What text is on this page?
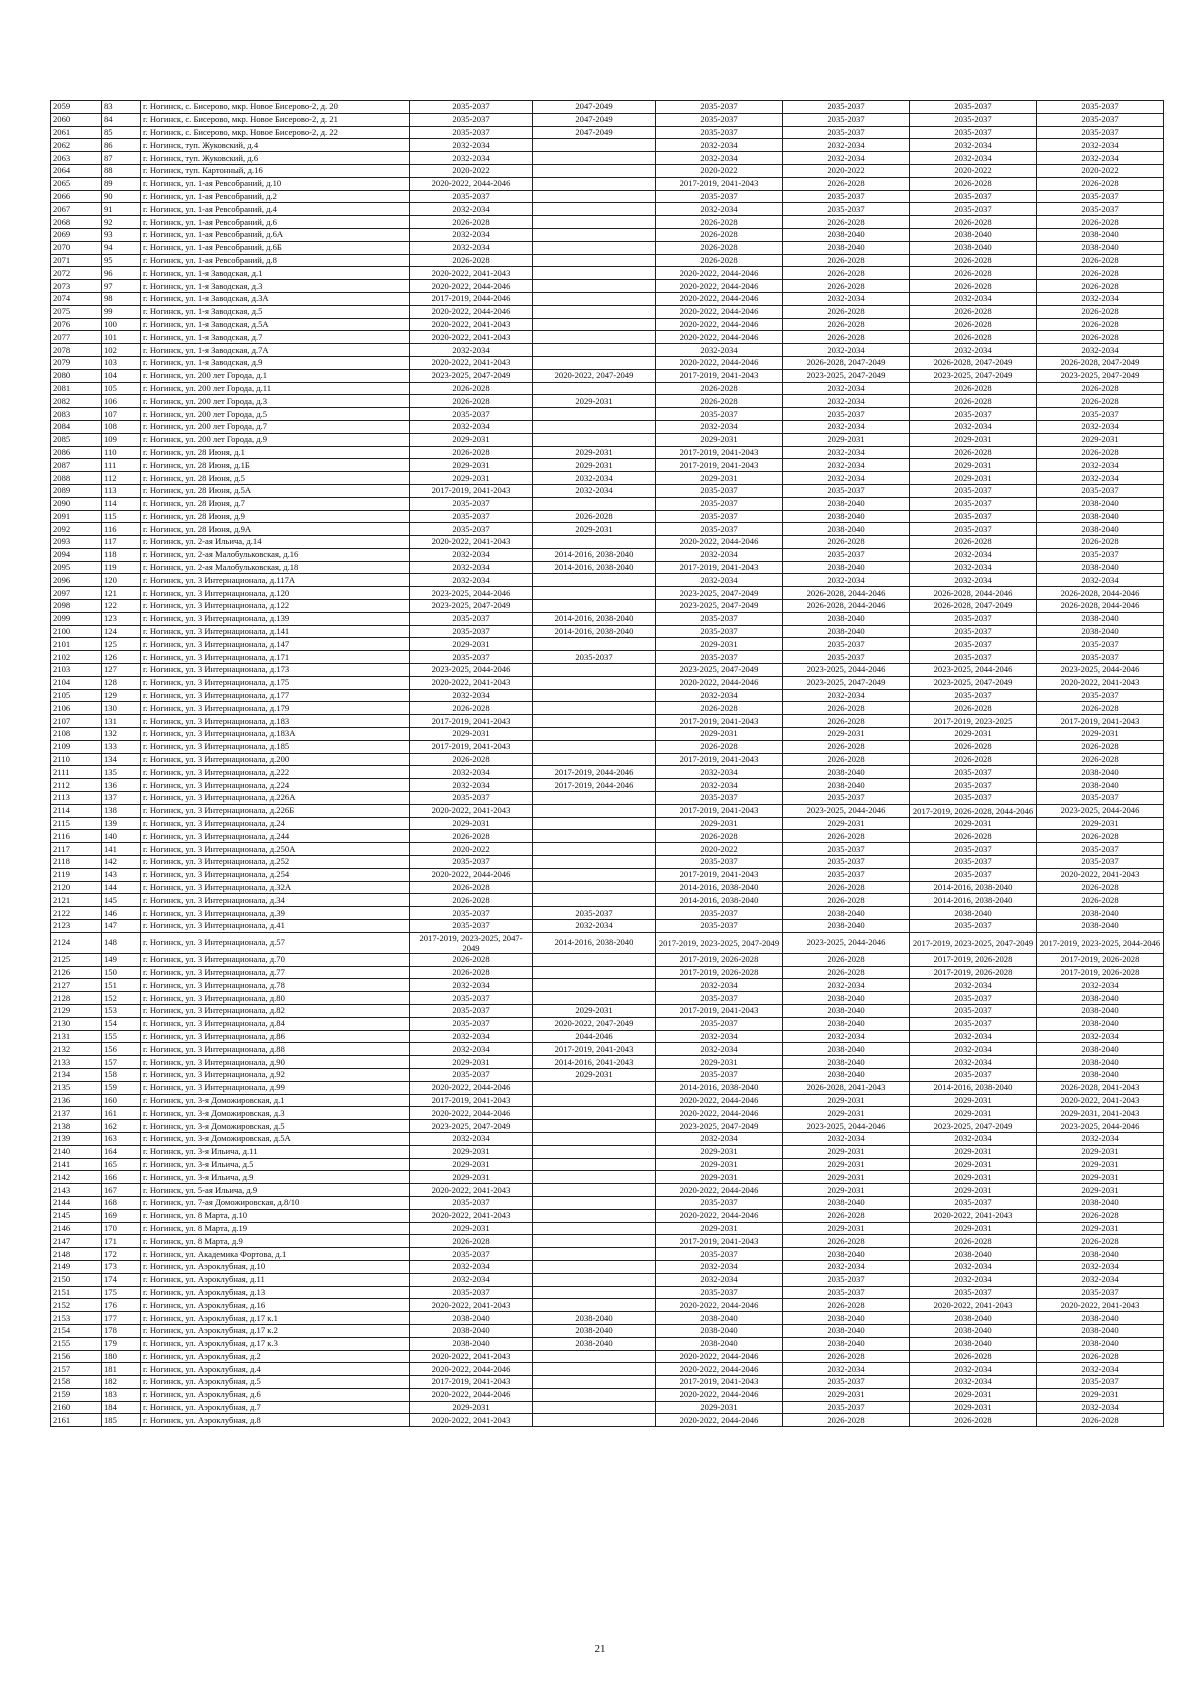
2059	83	г. Ногинск, с. Бисерово, мкр. Новое Бисерово-2, д. 20	2035-2037	2047-2049	2035-2037	2035-2037	2035-2037	2035-2037
2060	84	г. Ногинск, с. Бисерово, мкр. Новое Бисерово-2, д. 21	2035-2037	2047-2049	2035-2037	2035-2037	2035-2037	2035-2037
2061	85	г. Ногинск, с. Бисерово, мкр. Новое Бисерово-2, д. 22	2035-2037	2047-2049	2035-2037	2035-2037	2035-2037	2035-2037
2062	86	г. Ногинск, туп. Жуковский, д.4	2032-2034		2032-2034	2032-2034	2032-2034	2032-2034
2063	87	г. Ногинск, туп. Жуковский, д.6	2032-2034		2032-2034	2032-2034	2032-2034	2032-2034
2064	88	г. Ногинск, туп. Картонный, д.16	2020-2022		2020-2022	2020-2022	2020-2022	2020-2022
2065	89	г. Ногинск, ул. 1-ая Ревсобраний, д.10	2020-2022, 2044-2046		2017-2019, 2041-2043	2026-2028	2026-2028	2026-2028
2066	90	г. Ногинск, ул. 1-ая Ревсобраний, д.2	2035-2037		2035-2037	2035-2037	2035-2037	2035-2037
2067	91	г. Ногинск, ул. 1-ая Ревсобраний, д.4	2032-2034		2032-2034	2035-2037	2035-2037	2035-2037
2068	92	г. Ногинск, ул. 1-ая Ревсобраний, д.6	2026-2028		2026-2028	2026-2028	2026-2028	2026-2028
2069	93	г. Ногинск, ул. 1-ая Ревсобраний, д.6А	2032-2034		2026-2028	2038-2040	2038-2040	2038-2040
2070	94	г. Ногинск, ул. 1-ая Ревсобраний, д.6Б	2032-2034		2026-2028	2038-2040	2038-2040	2038-2040
2071	95	г. Ногинск, ул. 1-ая Ревсобраний, д.8	2026-2028		2026-2028	2026-2028	2026-2028	2026-2028
2072	96	г. Ногинск, ул. 1-я Заводская, д.1	2020-2022, 2041-2043		2020-2022, 2044-2046	2026-2028	2026-2028	2026-2028
2073	97	г. Ногинск, ул. 1-я Заводская, д.3	2020-2022, 2044-2046		2020-2022, 2044-2046	2026-2028	2026-2028	2026-2028
2074	98	г. Ногинск, ул. 1-я Заводская, д.3А	2017-2019, 2044-2046		2020-2022, 2044-2046	2032-2034	2032-2034	2032-2034
2075	99	г. Ногинск, ул. 1-я Заводская, д.5	2020-2022, 2044-2046		2020-2022, 2044-2046	2026-2028	2026-2028	2026-2028
2076	100	г. Ногинск, ул. 1-я Заводская, д.5А	2020-2022, 2041-2043		2020-2022, 2044-2046	2026-2028	2026-2028	2026-2028
2077	101	г. Ногинск, ул. 1-я Заводская, д.7	2020-2022, 2041-2043		2020-2022, 2044-2046	2026-2028	2026-2028	2026-2028
2078	102	г. Ногинск, ул. 1-я Заводская, д.7А	2032-2034		2032-2034	2032-2034	2032-2034	2032-2034
2079	103	г. Ногинск, ул. 1-я Заводская, д.9	2020-2022, 2041-2043		2020-2022, 2044-2046	2026-2028, 2047-2049	2026-2028, 2047-2049	2026-2028, 2047-2049
2080	104	г. Ногинск, ул. 200 лет Города, д.1	2023-2025, 2047-2049	2020-2022, 2047-2049	2017-2019, 2041-2043	2023-2025, 2047-2049	2023-2025, 2047-2049	2023-2025, 2047-2049
2081	105	г. Ногинск, ул. 200 лет Города, д.11	2026-2028		2026-2028	2032-2034	2026-2028	2026-2028
2082	106	г. Ногинск, ул. 200 лет Города, д.3	2026-2028	2029-2031	2026-2028	2032-2034	2026-2028	2026-2028
2083	107	г. Ногинск, ул. 200 лет Города, д.5	2035-2037		2035-2037	2035-2037	2035-2037	2035-2037
2084	108	г. Ногинск, ул. 200 лет Города, д.7	2032-2034		2032-2034	2032-2034	2032-2034	2032-2034
2085	109	г. Ногинск, ул. 200 лет Города, д.9	2029-2031		2029-2031	2029-2031	2029-2031	2029-2031
2086	110	г. Ногинск, ул. 28 Июня, д.1	2026-2028	2029-2031	2017-2019, 2041-2043	2032-2034	2026-2028	2026-2028
2087	111	г. Ногинск, ул. 28 Июня, д.1Б	2029-2031	2029-2031	2017-2019, 2041-2043	2032-2034	2029-2031	2032-2034
2088	112	г. Ногинск, ул. 28 Июня, д.5	2029-2031	2032-2034	2029-2031	2032-2034	2029-2031	2032-2034
2089	113	г. Ногинск, ул. 28 Июня, д.5А	2017-2019, 2041-2043	2032-2034	2035-2037	2035-2037	2035-2037	2035-2037
2090	114	г. Ногинск, ул. 28 Июня, д.7	2035-2037		2035-2037	2038-2040	2035-2037	2038-2040
2091	115	г. Ногинск, ул. 28 Июня, д.9	2035-2037	2026-2028	2035-2037	2038-2040	2035-2037	2038-2040
2092	116	г. Ногинск, ул. 28 Июня, д.9А	2035-2037	2029-2031	2035-2037	2038-2040	2035-2037	2038-2040
2093	117	г. Ногинск, ул. 2-ая Ильича, д.14	2020-2022, 2041-2043		2020-2022, 2044-2046	2026-2028	2026-2028	2026-2028
2094	118	г. Ногинск, ул. 2-ая Малобульковская, д.16	2032-2034	2014-2016, 2038-2040	2032-2034	2035-2037	2032-2034	2035-2037
2095	119	г. Ногинск, ул. 2-ая Малобульковская, д.18	2032-2034	2014-2016, 2038-2040	2017-2019, 2041-2043	2038-2040	2032-2034	2038-2040
2096	120	г. Ногинск, ул. 3 Интернационала, д.117А	2032-2034		2032-2034	2032-2034	2032-2034	2032-2034
2097	121	г. Ногинск, ул. 3 Интернационала, д.120	2023-2025, 2044-2046		2023-2025, 2047-2049	2026-2028, 2044-2046	2026-2028, 2044-2046	2026-2028, 2044-2046
2098	122	г. Ногинск, ул. 3 Интернационала, д.122	2023-2025, 2047-2049		2023-2025, 2047-2049	2026-2028, 2044-2046	2026-2028, 2047-2049	2026-2028, 2044-2046
2099	123	г. Ногинск, ул. 3 Интернационала, д.139	2035-2037	2014-2016, 2038-2040	2035-2037	2038-2040	2035-2037	2038-2040
2100	124	г. Ногинск, ул. 3 Интернационала, д.141	2035-2037	2014-2016, 2038-2040	2035-2037	2038-2040	2035-2037	2038-2040
2101	125	г. Ногинск, ул. 3 Интернационала, д.147	2029-2031		2029-2031	2035-2037	2035-2037	2035-2037
2102	126	г. Ногинск, ул. 3 Интернационала, д.171	2035-2037	2035-2037	2035-2037	2035-2037	2035-2037	2035-2037
2103	127	г. Ногинск, ул. 3 Интернационала, д.173	2023-2025, 2044-2046		2023-2025, 2047-2049	2023-2025, 2044-2046	2023-2025, 2044-2046	2023-2025, 2044-2046
2104	128	г. Ногинск, ул. 3 Интернационала, д.175	2020-2022, 2041-2043		2020-2022, 2044-2046	2023-2025, 2047-2049	2023-2025, 2047-2049	2020-2022, 2041-2043
2105	129	г. Ногинск, ул. 3 Интернационала, д.177	2032-2034		2032-2034	2032-2034	2035-2037	2035-2037
2106	130	г. Ногинск, ул. 3 Интернационала, д.179	2026-2028		2026-2028	2026-2028	2026-2028	2026-2028
2107	131	г. Ногинск, ул. 3 Интернационала, д.183	2017-2019, 2041-2043		2017-2019, 2041-2043	2026-2028	2017-2019, 2023-2025	2017-2019, 2041-2043
2108	132	г. Ногинск, ул. 3 Интернационала, д.183А	2029-2031		2029-2031	2029-2031	2029-2031	2029-2031
2109	133	г. Ногинск, ул. 3 Интернационала, д.185	2017-2019, 2041-2043		2026-2028	2026-2028	2026-2028	2026-2028
2110	134	г. Ногинск, ул. 3 Интернационала, д.200	2026-2028		2017-2019, 2041-2043	2026-2028	2026-2028	2026-2028
2111	135	г. Ногинск, ул. 3 Интернационала, д.222	2032-2034	2017-2019, 2044-2046	2032-2034	2038-2040	2035-2037	2038-2040
2112	136	г. Ногинск, ул. 3 Интернационала, д.224	2032-2034	2017-2019, 2044-2046	2032-2034	2038-2040	2035-2037	2038-2040
2113	137	г. Ногинск, ул. 3 Интернационала, д.226А	2035-2037		2035-2037	2035-2037	2035-2037	2035-2037
2114	138	г. Ногинск, ул. 3 Интернационала, д.226Б	2020-2022, 2041-2043		2017-2019, 2041-2043	2023-2025, 2044-2046	2017-2019, 2026-2028, 2044-2046	2023-2025, 2044-2046
2115	139	г. Ногинск, ул. 3 Интернационала, д.24	2029-2031		2029-2031	2029-2031	2029-2031	2029-2031
2116	140	г. Ногинск, ул. 3 Интернационала, д.244	2026-2028		2026-2028	2026-2028	2026-2028	2026-2028
2117	141	г. Ногинск, ул. 3 Интернационала, д.250А	2020-2022		2020-2022	2035-2037	2035-2037	2035-2037
2118	142	г. Ногинск, ул. 3 Интернационала, д.252	2035-2037		2035-2037	2035-2037	2035-2037	2035-2037
2119	143	г. Ногинск, ул. 3 Интернационала, д.254	2020-2022, 2044-2046		2017-2019, 2041-2043	2035-2037	2035-2037	2020-2022, 2041-2043
2120	144	г. Ногинск, ул. 3 Интернационала, д.32А	2026-2028		2014-2016, 2038-2040	2026-2028	2014-2016, 2038-2040	2026-2028
2121	145	г. Ногинск, ул. 3 Интернационала, д.34	2026-2028		2014-2016, 2038-2040	2026-2028	2014-2016, 2038-2040	2026-2028
2122	146	г. Ногинск, ул. 3 Интернационала, д.39	2035-2037	2035-2037	2035-2037	2038-2040	2038-2040	2038-2040
2123	147	г. Ногинск, ул. 3 Интернационала, д.41	2035-2037	2032-2034	2035-2037	2038-2040	2035-2037	2038-2040
2124	148	г. Ногинск, ул. 3 Интернационала, д.57	2017-2019, 2023-2025, 2047-2049	2014-2016, 2038-2040	2017-2019, 2023-2025, 2047-2049	2023-2025, 2044-2046	2017-2019, 2023-2025, 2047-2049	2017-2019, 2023-2025, 2044-2046
2125	149	г. Ногинск, ул. 3 Интернационала, д.70	2026-2028		2017-2019, 2026-2028	2026-2028	2017-2019, 2026-2028	2017-2019, 2026-2028
2126	150	г. Ногинск, ул. 3 Интернационала, д.77	2026-2028		2017-2019, 2026-2028	2026-2028	2017-2019, 2026-2028	2017-2019, 2026-2028
2127	151	г. Ногинск, ул. 3 Интернационала, д.78	2032-2034		2032-2034	2032-2034	2032-2034	2032-2034
2128	152	г. Ногинск, ул. 3 Интернационала, д.80	2035-2037		2035-2037	2038-2040	2035-2037	2038-2040
2129	153	г. Ногинск, ул. 3 Интернационала, д.82	2035-2037	2029-2031	2017-2019, 2041-2043	2038-2040	2035-2037	2038-2040
2130	154	г. Ногинск, ул. 3 Интернационала, д.84	2035-2037	2020-2022, 2047-2049	2035-2037	2038-2040	2035-2037	2038-2040
2131	155	г. Ногинск, ул. 3 Интернационала, д.86	2032-2034	2044-2046	2032-2034	2032-2034	2032-2034	2032-2034
2132	156	г. Ногинск, ул. 3 Интернационала, д.88	2032-2034	2017-2019, 2041-2043	2032-2034	2038-2040	2032-2034	2038-2040
2133	157	г. Ногинск, ул. 3 Интернационала, д.90	2029-2031	2014-2016, 2041-2043	2029-2031	2038-2040	2032-2034	2038-2040
2134	158	г. Ногинск, ул. 3 Интернационала, д.92	2035-2037	2029-2031	2035-2037	2038-2040	2035-2037	2038-2040
2135	159	г. Ногинск, ул. 3 Интернационала, д.99	2020-2022, 2044-2046		2014-2016, 2038-2040	2026-2028, 2041-2043	2014-2016, 2038-2040	2026-2028, 2041-2043
2136	160	г. Ногинск, ул. 3-я Доможировская, д.1	2017-2019, 2041-2043		2020-2022, 2044-2046	2029-2031	2029-2031	2020-2022, 2041-2043
2137	161	г. Ногинск, ул. 3-я Доможировская, д.3	2020-2022, 2044-2046		2020-2022, 2044-2046	2029-2031	2029-2031	2029-2031, 2041-2043
2138	162	г. Ногинск, ул. 3-я Доможировская, д.5	2023-2025, 2047-2049		2023-2025, 2047-2049	2023-2025, 2044-2046	2023-2025, 2047-2049	2023-2025, 2044-2046
2139	163	г. Ногинск, ул. 3-я Доможировская, д.5А	2032-2034		2032-2034	2032-2034	2032-2034	2032-2034
2140	164	г. Ногинск, ул. 3-я Ильича, д.11	2029-2031		2029-2031	2029-2031	2029-2031	2029-2031
2141	165	г. Ногинск, ул. 3-я Ильича, д.5	2029-2031		2029-2031	2029-2031	2029-2031	2029-2031
2142	166	г. Ногинск, ул. 3-я Ильича, д.9	2029-2031		2029-2031	2029-2031	2029-2031	2029-2031
2143	167	г. Ногинск, ул. 5-ая Ильича, д.9	2020-2022, 2041-2043		2020-2022, 2044-2046	2029-2031	2029-2031	2029-2031
2144	168	г. Ногинск, ул. 7-ая Доможировская, д.8/10	2035-2037		2035-2037	2038-2040	2035-2037	2038-2040
2145	169	г. Ногинск, ул. 8 Марта, д.10	2020-2022, 2041-2043		2020-2022, 2044-2046	2026-2028	2020-2022, 2041-2043	2026-2028
2146	170	г. Ногинск, ул. 8 Марта, д.19	2029-2031		2029-2031	2029-2031	2029-2031	2029-2031
2147	171	г. Ногинск, ул. 8 Марта, д.9	2026-2028		2017-2019, 2041-2043	2026-2028	2026-2028	2026-2028
2148	172	г. Ногинск, ул. Академика Фортова, д.1	2035-2037		2035-2037	2038-2040	2038-2040	2038-2040
2149	173	г. Ногинск, ул. Аэроклубная, д.10	2032-2034		2032-2034	2032-2034	2032-2034	2032-2034
2150	174	г. Ногинск, ул. Аэроклубная, д.11	2032-2034		2032-2034	2035-2037	2032-2034	2032-2034
2151	175	г. Ногинск, ул. Аэроклубная, д.13	2035-2037		2035-2037	2035-2037	2035-2037	2035-2037
2152	176	г. Ногинск, ул. Аэроклубная, д.16	2020-2022, 2041-2043		2020-2022, 2044-2046	2026-2028	2020-2022, 2041-2043	2020-2022, 2041-2043
2153	177	г. Ногинск, ул. Аэроклубная, д.17 к.1	2038-2040	2038-2040	2038-2040	2038-2040	2038-2040	2038-2040
2154	178	г. Ногинск, ул. Аэроклубная, д.17 к.2	2038-2040	2038-2040	2038-2040	2038-2040	2038-2040	2038-2040
2155	179	г. Ногинск, ул. Аэроклубная, д.17 к.3	2038-2040	2038-2040	2038-2040	2038-2040	2038-2040	2038-2040
2156	180	г. Ногинск, ул. Аэроклубная, д.2	2020-2022, 2041-2043		2020-2022, 2044-2046	2026-2028	2026-2028	2026-2028
2157	181	г. Ногинск, ул. Аэроклубная, д.4	2020-2022, 2044-2046		2020-2022, 2044-2046	2032-2034	2032-2034	2032-2034
2158	182	г. Ногинск, ул. Аэроклубная, д.5	2017-2019, 2041-2043		2017-2019, 2041-2043	2035-2037	2032-2034	2035-2037
2159	183	г. Ногинск, ул. Аэроклубная, д.6	2020-2022, 2044-2046		2020-2022, 2044-2046	2029-2031	2029-2031	2029-2031
2160	184	г. Ногинск, ул. Аэроклубная, д.7	2029-2031		2029-2031	2035-2037	2029-2031	2032-2034
2161	185	г. Ногинск, ул. Аэроклубная, д.8	2020-2022, 2041-2043		2020-2022, 2044-2046	2026-2028	2026-2028	2026-2028
21
